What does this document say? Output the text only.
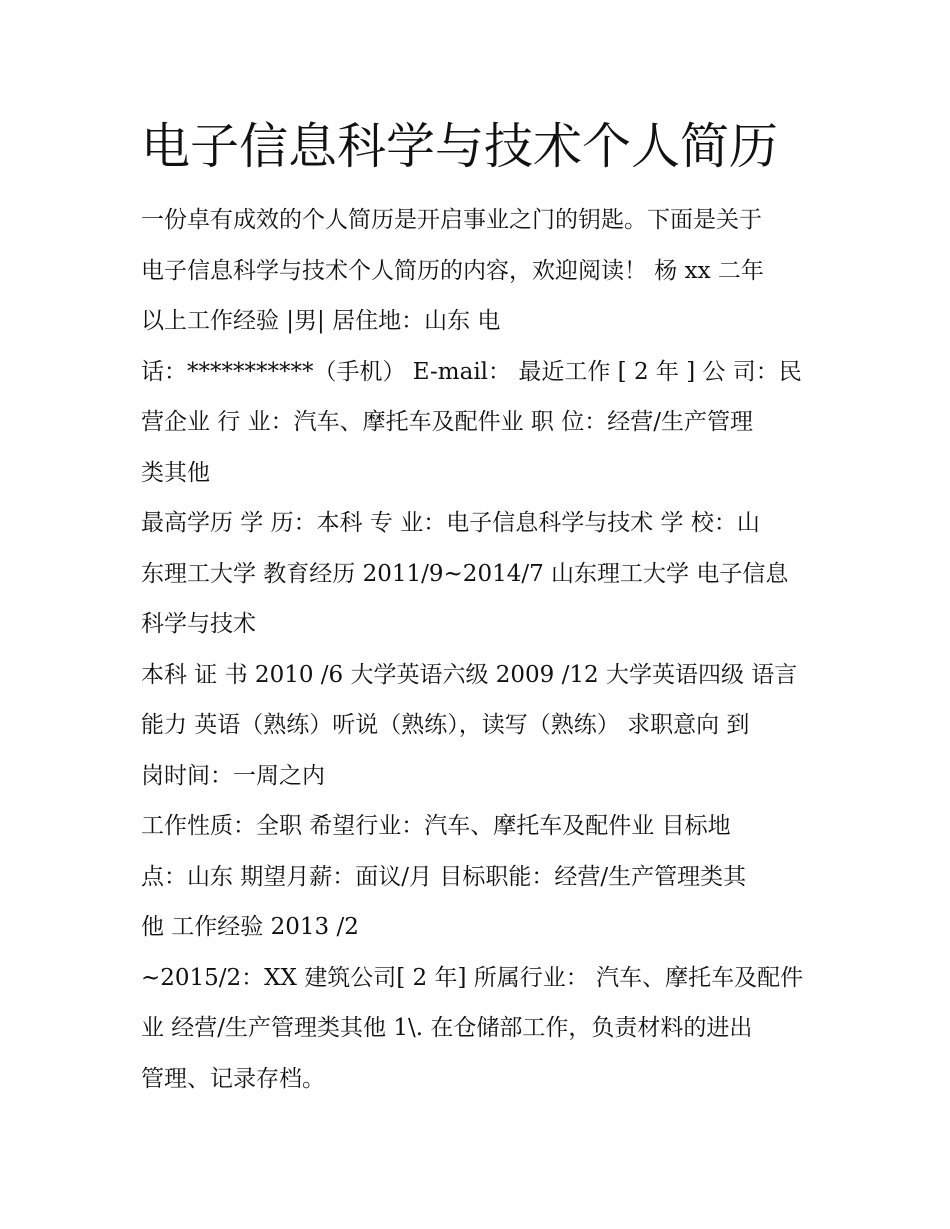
电子信息科学与技术个人简历
一份卓有成效的个人简历是开启事业之门的钥匙。下面是关于
电子信息科学与技术个人简历的内容，欢迎阅读！ 杨 xx 二年
以上工作经验 |男| 居住地：山东 电
话：***********（手机） E-mail： 最近工作 [ 2 年 ] 公 司：民
营企业 行 业：汽车、摩托车及配件业 职 位：经营/生产管理
类其他
最高学历 学 历：本科 专 业：电子信息科学与技术 学 校：山
东理工大学 教育经历 2011/9~2014/7 山东理工大学 电子信息
科学与技术
本科 证 书 2010 /6 大学英语六级 2009 /12 大学英语四级 语言
能力 英语（熟练）听说（熟练），读写（熟练） 求职意向 到
岗时间：一周之内
工作性质：全职 希望行业：汽车、摩托车及配件业 目标地
点：山东 期望月薪：面议/月 目标职能：经营/生产管理类其
他 工作经验 2013 /2
~2015/2：XX 建筑公司[ 2 年] 所属行业： 汽车、摩托车及配件
业 经营/生产管理类其他 1\. 在仓储部工作，负责材料的进出
管理、记录存档。
